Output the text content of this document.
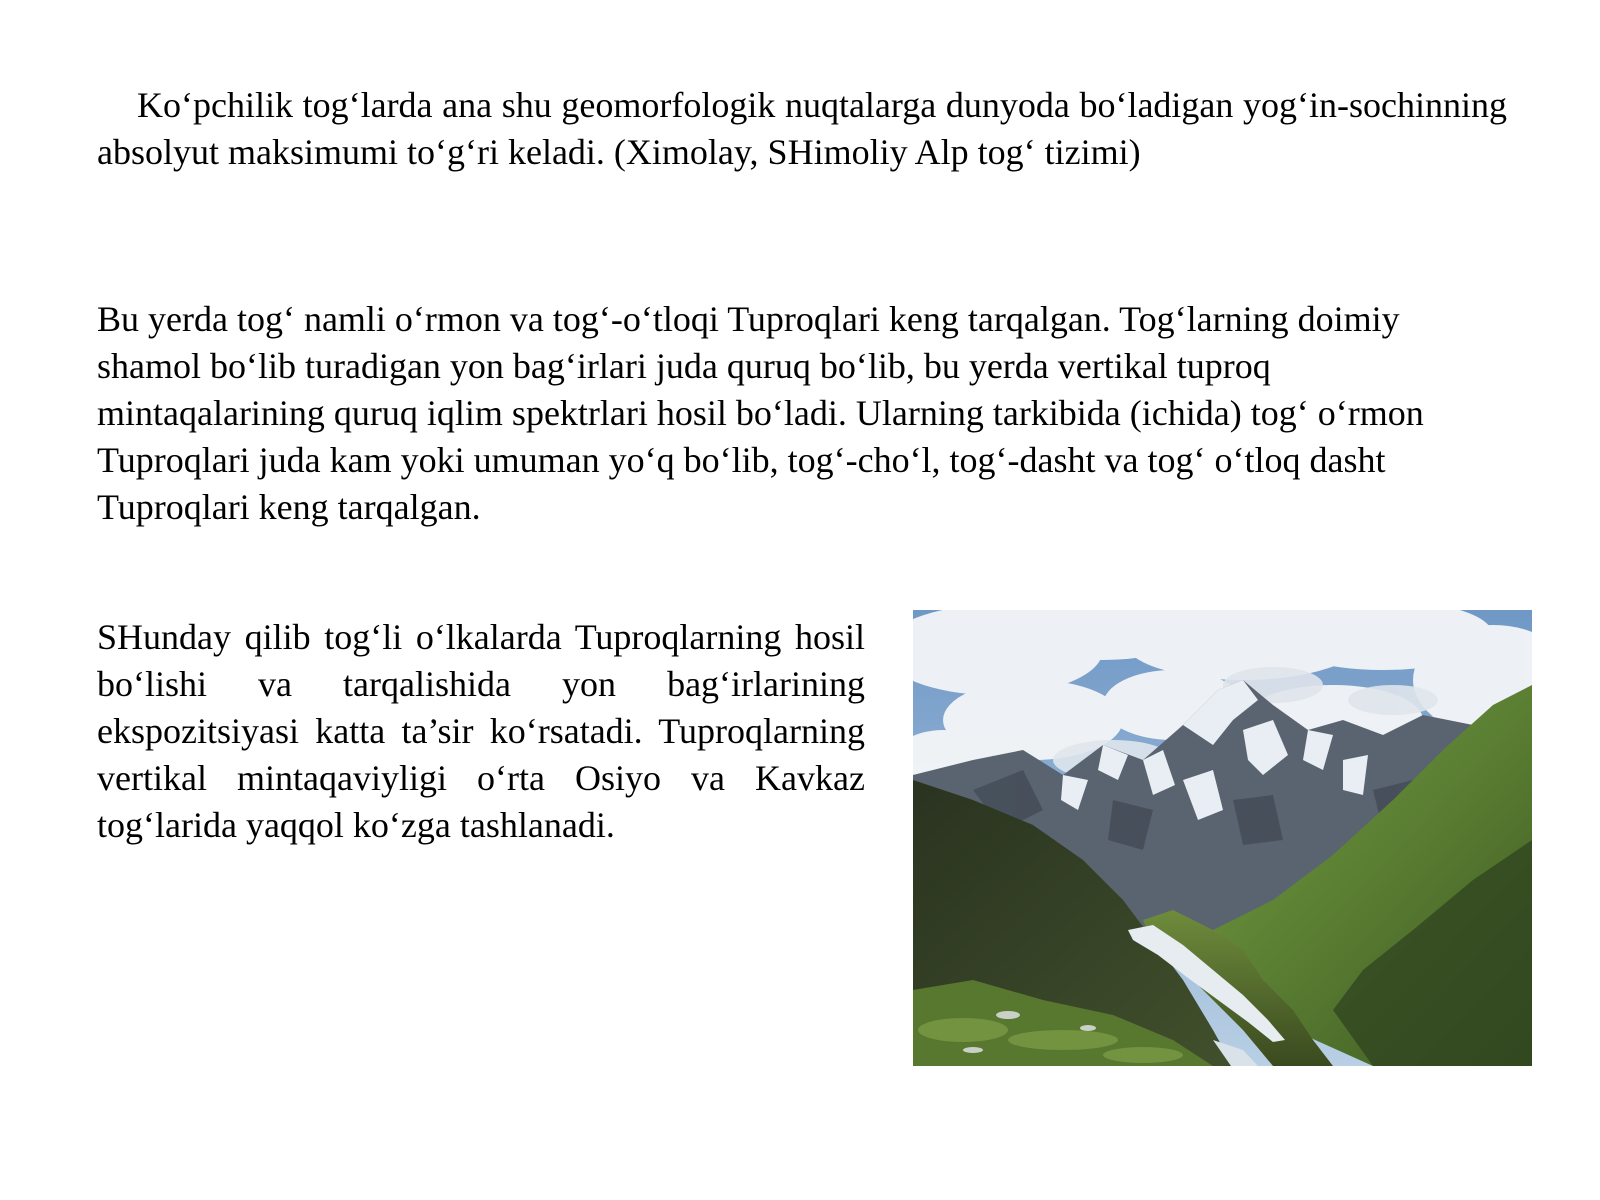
Ko‘pchilik tog‘larda ana shu geomorfologik nuqtalarga dunyoda bo‘ladigan yog‘in-sochinning absolyut maksimumi to‘g‘ri keladi. (Ximolay, SHimoliy Alp tog‘ tizimi)

Bu yerda tog‘ namli o‘rmon va tog‘-o‘tloqi Tuproqlari keng tarqalgan. Tog‘larning doimiy shamol bo‘lib turadigan yon bag‘irlari juda quruq bo‘lib, bu yerda vertikal tuproq mintaqalarining quruq iqlim spektrlari hosil bo‘ladi. Ularning tarkibida (ichida) tog‘ o‘rmon Tuproqlari juda kam yoki umuman yo‘q bo‘lib, tog‘-cho‘l, tog‘-dasht va tog‘ o‘tloq dasht Tuproqlari keng tarqalgan.

SHunday qilib tog‘li o‘lkalarda Tuproqlarning hosil bo‘lishi va tarqalishida yon bag‘irlarining ekspozitsiyasi katta ta’sir ko‘rsatadi. Tuproqlarning vertikal mintaqaviyligi o‘rta Osiyo va Kavkaz tog‘larida yaqqol ko‘zga tashlanadi.
